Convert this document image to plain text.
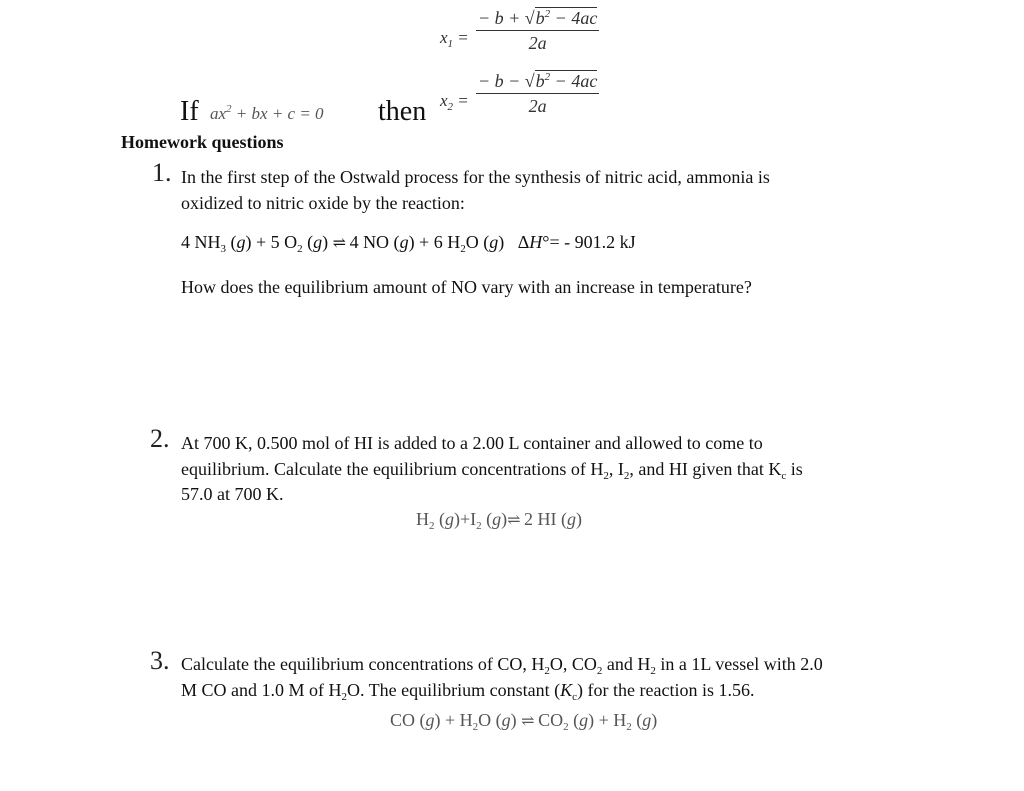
$x_1 = \frac{- b + √b^2 - 4ac}{2a}$
$x_2 = \frac{- b - √b^2 - 4ac}{2a}$
If $ax^2$ + bx + c = 0 then
Homework questions
1. In the first step of the Ostwald process for the synthesis of nitric acid, ammonia is
oxidized to nitric oxide by the reaction:
4 $NH_3$ (g) + 5 $O_2$ (g) ⇌ 4 NO (g) + 6 $H_2O$ (g)   ΔH°= - 901.2 kJ
How does the equilibrium amount of NO vary with an increase in temperature?
2. At 700 K, 0.500 mol of HI is added to a 2.00 L container and allowed to come to
equilibrium. Calculate the equilibrium concentrations of $H_2$, $I_2$, and HI given that $K_c$ is
57.0 at 700 K.
$H_2$ $(g)+I_2$ (g)⇌ 2 HI (g)
3. Calculate the equilibrium concentrations of CO, $H_2O$, $CO_2$ and $H_2$ in a 1L vessel with 2.0
M CO and 1.0 M of $H_2O$. The equilibrium constant $(K_c)$ for the reaction is 1.56.
CO $(g) + H_2O$ (g) ⇌ $CO_2$ $(g) + H_2$ (g)
